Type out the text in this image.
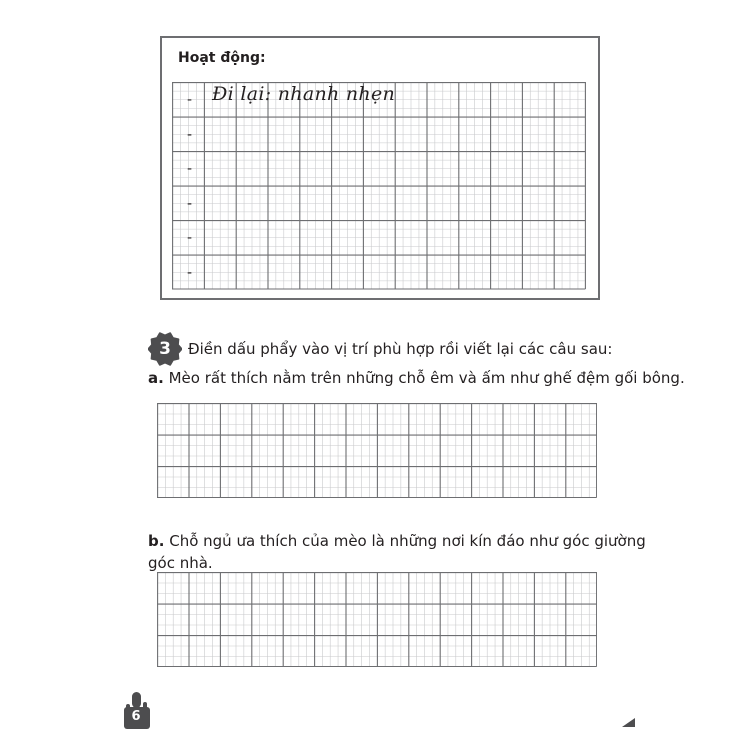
Hoạt động:
-
-
-
-
-
-
Đi lại: nhanh nhẹn
3	Điền dấu phẩy vào vị trí phù hợp rồi viết lại các câu sau:
a. Mèo rất thích nằm trên những chỗ êm và ấm như ghế đệm gối bông.
b. Chỗ ngủ ưa thích của mèo là những nơi kín đáo như góc giường
góc nhà.
6
